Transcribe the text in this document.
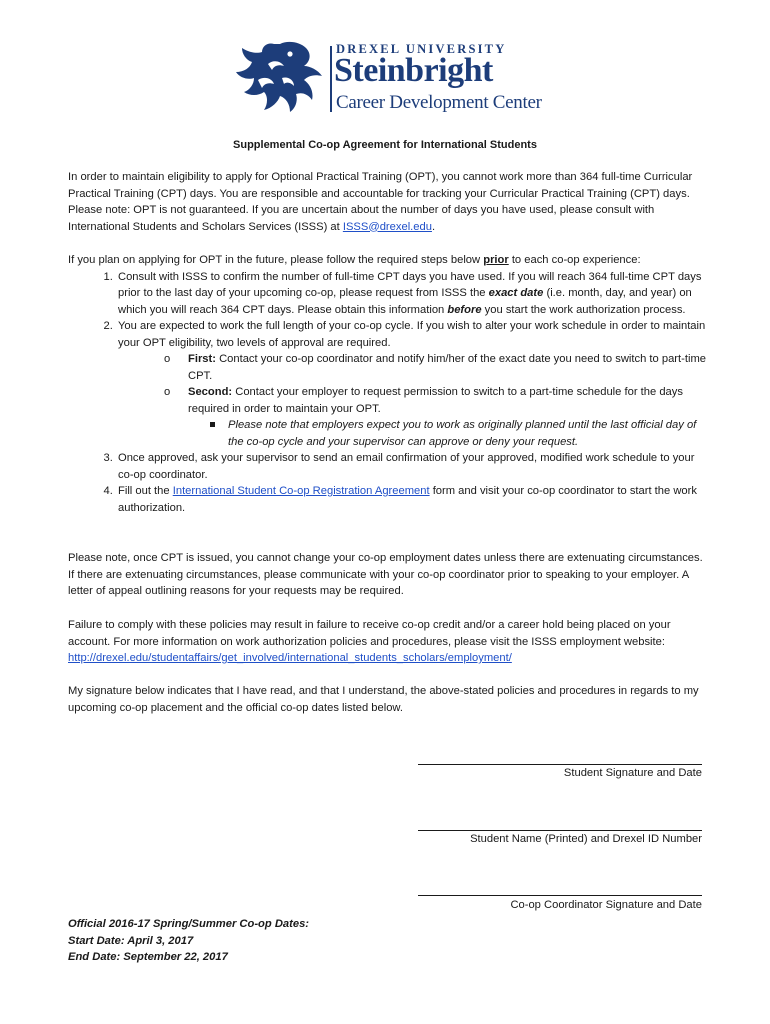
DREXEL UNIVERSITY
Steinbright
Career Development Center
Supplemental Co-op Agreement for International Students
In order to maintain eligibility to apply for Optional Practical Training (OPT), you cannot work more than 364 full-time Curricular Practical Training (CPT) days. You are responsible and accountable for tracking your Curricular Practical Training (CPT) days. Please note: OPT is not guaranteed. If you are uncertain about the number of days you have used, please consult with International Students and Scholars Services (ISSS) at ISSS@drexel.edu.
If you plan on applying for OPT in the future, please follow the required steps below prior to each co-op experience:
1. Consult with ISSS to confirm the number of full-time CPT days you have used. If you will reach 364 full-time CPT days prior to the last day of your upcoming co-op, please request from ISSS the exact date (i.e. month, day, and year) on which you will reach 364 CPT days. Please obtain this information before you start the work authorization process.
2. You are expected to work the full length of your co-op cycle. If you wish to alter your work schedule in order to maintain your OPT eligibility, two levels of approval are required.
o First: Contact your co-op coordinator and notify him/her of the exact date you need to switch to part-time CPT.
o Second: Contact your employer to request permission to switch to a part-time schedule for the days required in order to maintain your OPT.
Please note that employers expect you to work as originally planned until the last official day of the co-op cycle and your supervisor can approve or deny your request.
3. Once approved, ask your supervisor to send an email confirmation of your approved, modified work schedule to your co-op coordinator.
4. Fill out the International Student Co-op Registration Agreement form and visit your co-op coordinator to start the work authorization.
Please note, once CPT is issued, you cannot change your co-op employment dates unless there are extenuating circumstances. If there are extenuating circumstances, please communicate with your co-op coordinator prior to speaking to your employer. A letter of appeal outlining reasons for your requests may be required.
Failure to comply with these policies may result in failure to receive co-op credit and/or a career hold being placed on your account. For more information on work authorization policies and procedures, please visit the ISSS employment website: http://drexel.edu/studentaffairs/get_involved/international_students_scholars/employment/
My signature below indicates that I have read, and that I understand, the above-stated policies and procedures in regards to my upcoming co-op placement and the official co-op dates listed below.
Student Signature and Date
Student Name (Printed) and Drexel ID Number
Co-op Coordinator Signature and Date
Official 2016-17 Spring/Summer Co-op Dates:
Start Date: April 3, 2017
End Date: September 22, 2017
